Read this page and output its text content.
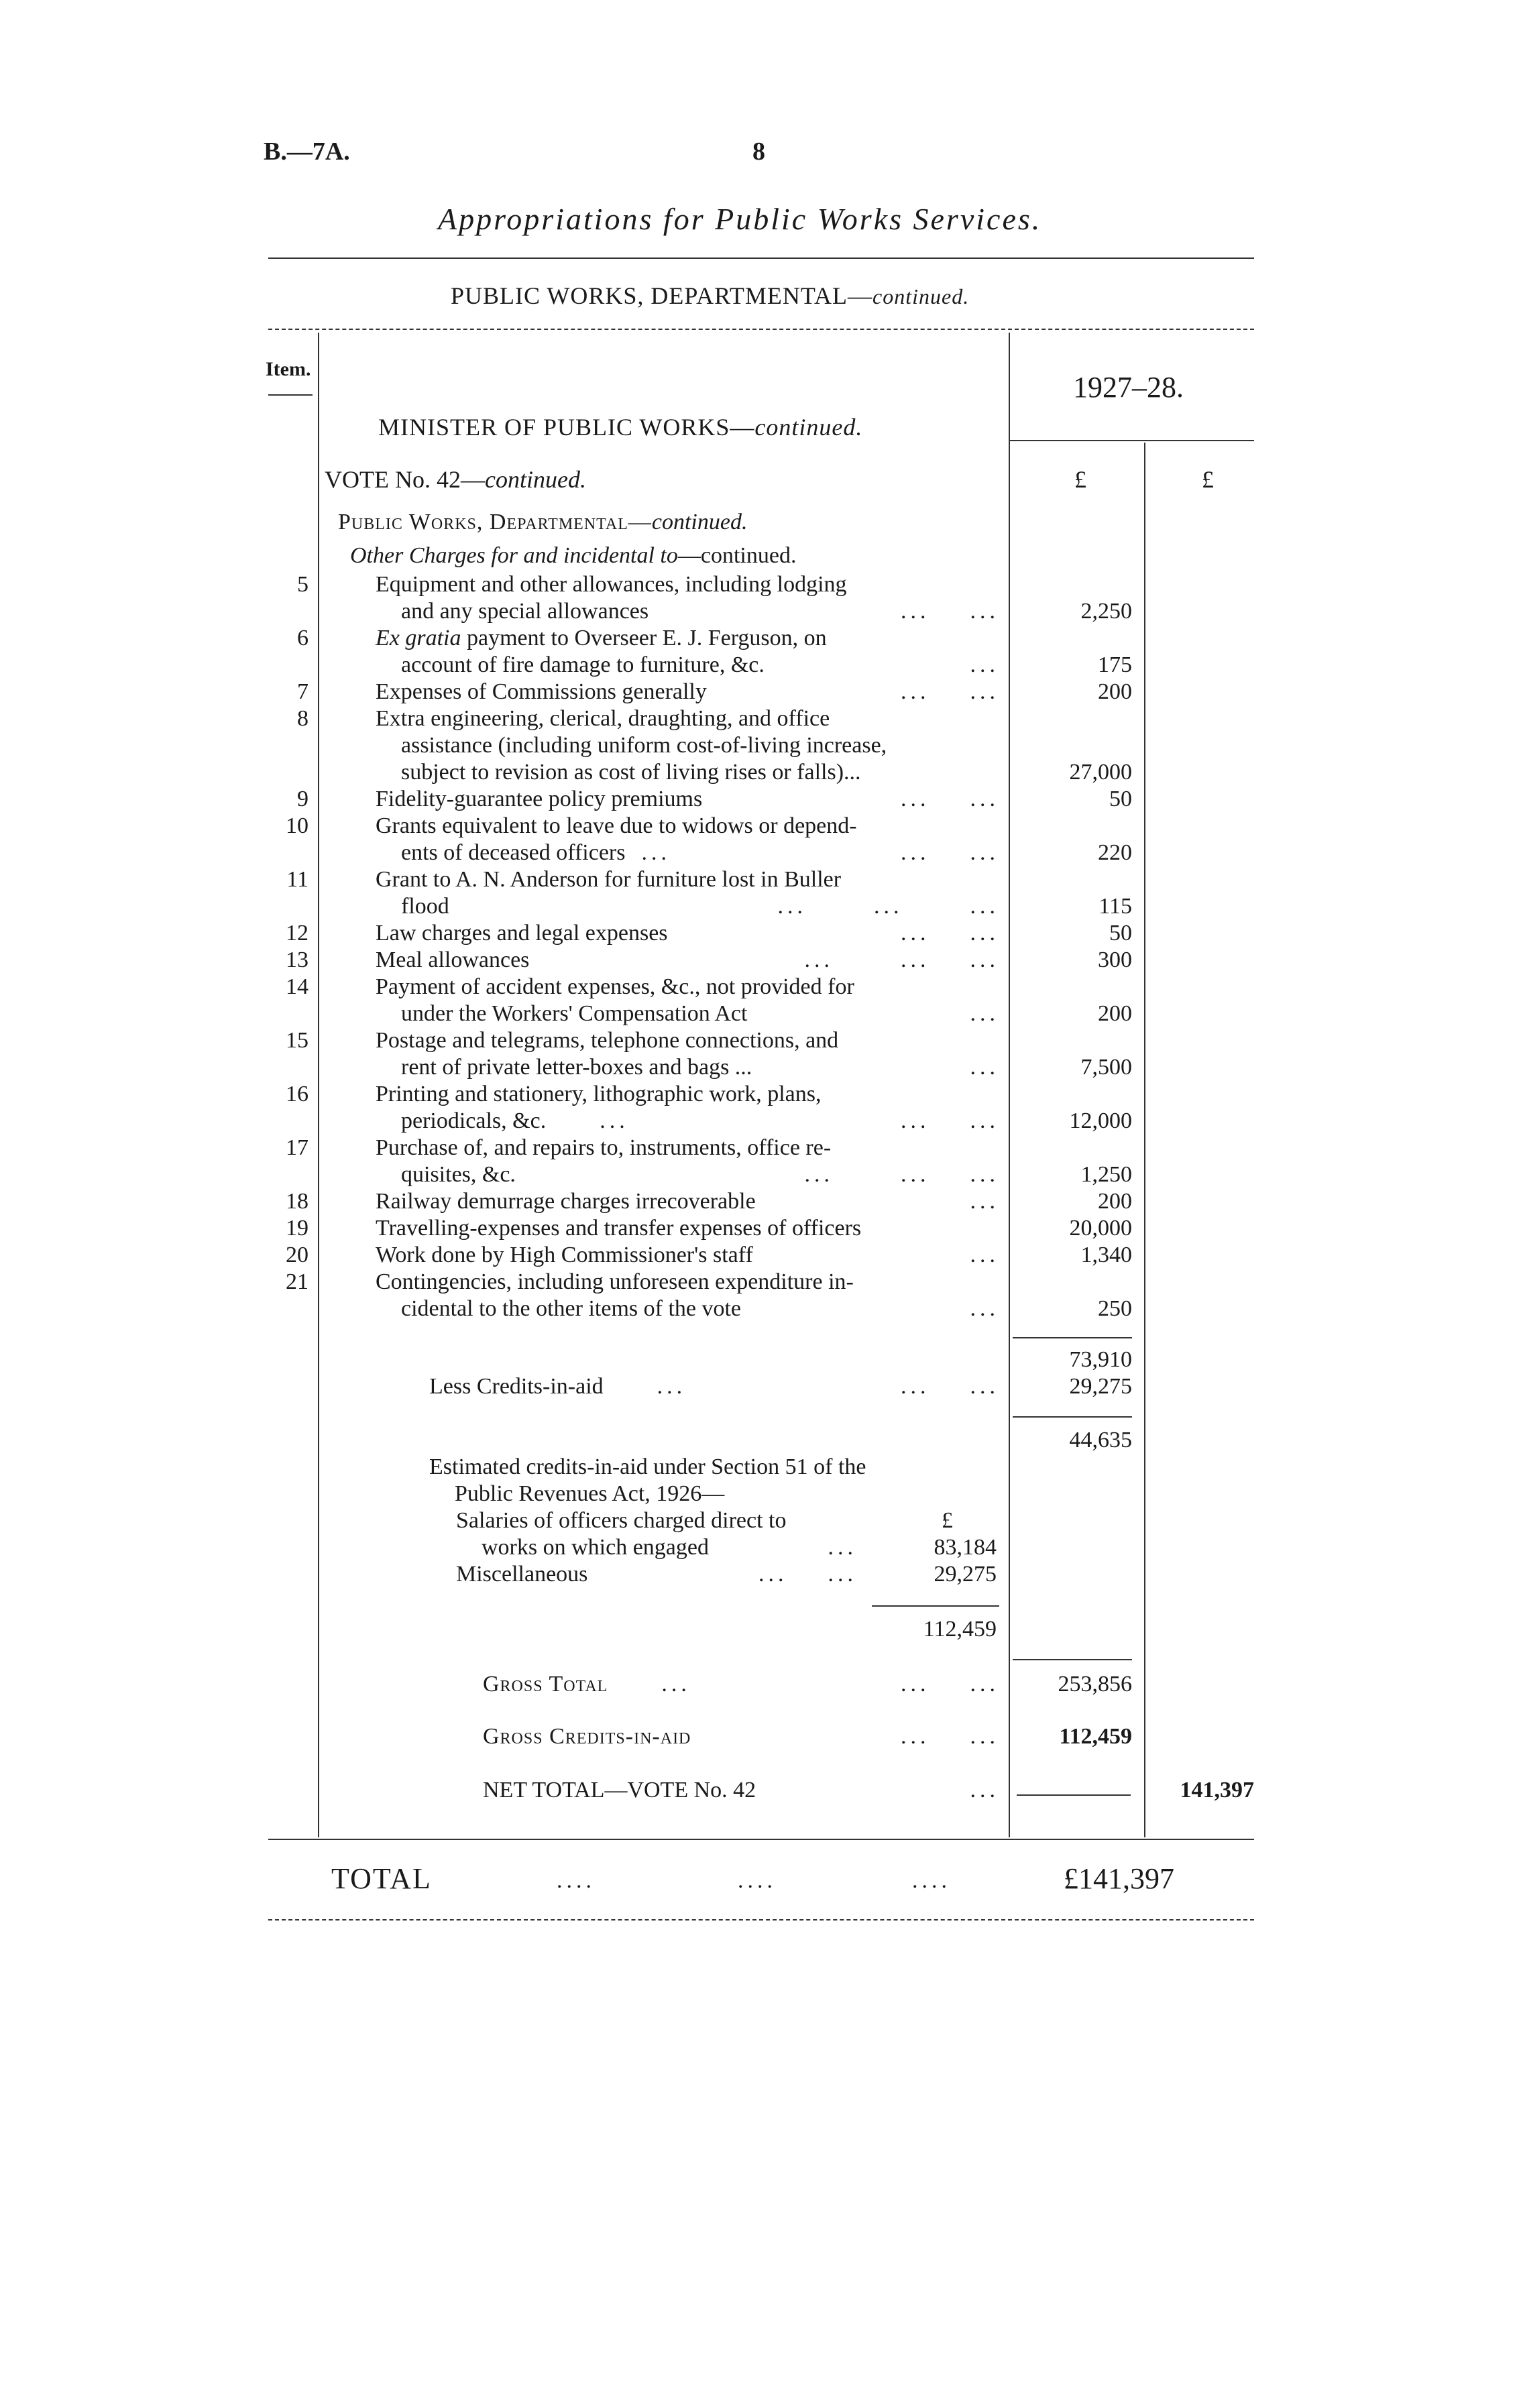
B.—7A.	8
Appropriations for Public Works Services.
PUBLIC WORKS, DEPARTMENTAL—continued.
Item.
1927–28.
£	£
MINISTER OF PUBLIC WORKS—continued.
VOTE No. 42—continued.
Public Works, Departmental—continued.
Other Charges for and incidental to—continued.
5	Equipment and other allowances, including lodging
and any special allowances	... ...	2,250
6	Ex gratia payment to Overseer E. J. Ferguson, on
account of fire damage to furniture, &c.	...	175
7	Expenses of Commissions generally	... ...	200
8	Extra engineering, clerical, draughting, and office
assistance (including uniform cost-of-living increase,
subject to revision as cost of living rises or falls)...	27,000
9	Fidelity-guarantee policy premiums	... ...	50
10	Grants equivalent to leave due to widows or depend-
ents of deceased officers ...	... ...	220
11	Grant to A. N. Anderson for furniture lost in Buller
flood	...	...	...	115
12	Law charges and legal expenses	... ...	50
13	Meal allowances	...	... ...	300
14	Payment of accident expenses, &c., not provided for
under the Workers' Compensation Act	...	200
15	Postage and telegrams, telephone connections, and
rent of private letter-boxes and bags ...	...	7,500
16	Printing and stationery, lithographic work, plans,
periodicals, &c. ...	... ...	12,000
17	Purchase of, and repairs to, instruments, office re-
quisites, &c.	...	... ...	1,250
18	Railway demurrage charges irrecoverable	...	200
19	Travelling-expenses and transfer expenses of officers	20,000
20	Work done by High Commissioner's staff	...	1,340
21	Contingencies, including unforeseen expenditure in-
cidental to the other items of the vote	...	250
73,910
Less Credits-in-aid ...	... ...	29,275
44,635
Estimated credits-in-aid under Section 51 of the
Public Revenues Act, 1926—
Salaries of officers charged direct to	£
works on which engaged	...	83,184
Miscellaneous	... ...	29,275
112,459
Gross Total ...	... ...	253,856
Gross Credits-in-aid	... ...	112,459
NET TOTAL—VOTE No. 42	...	141,397
TOTAL	....	....	....	£141,397
